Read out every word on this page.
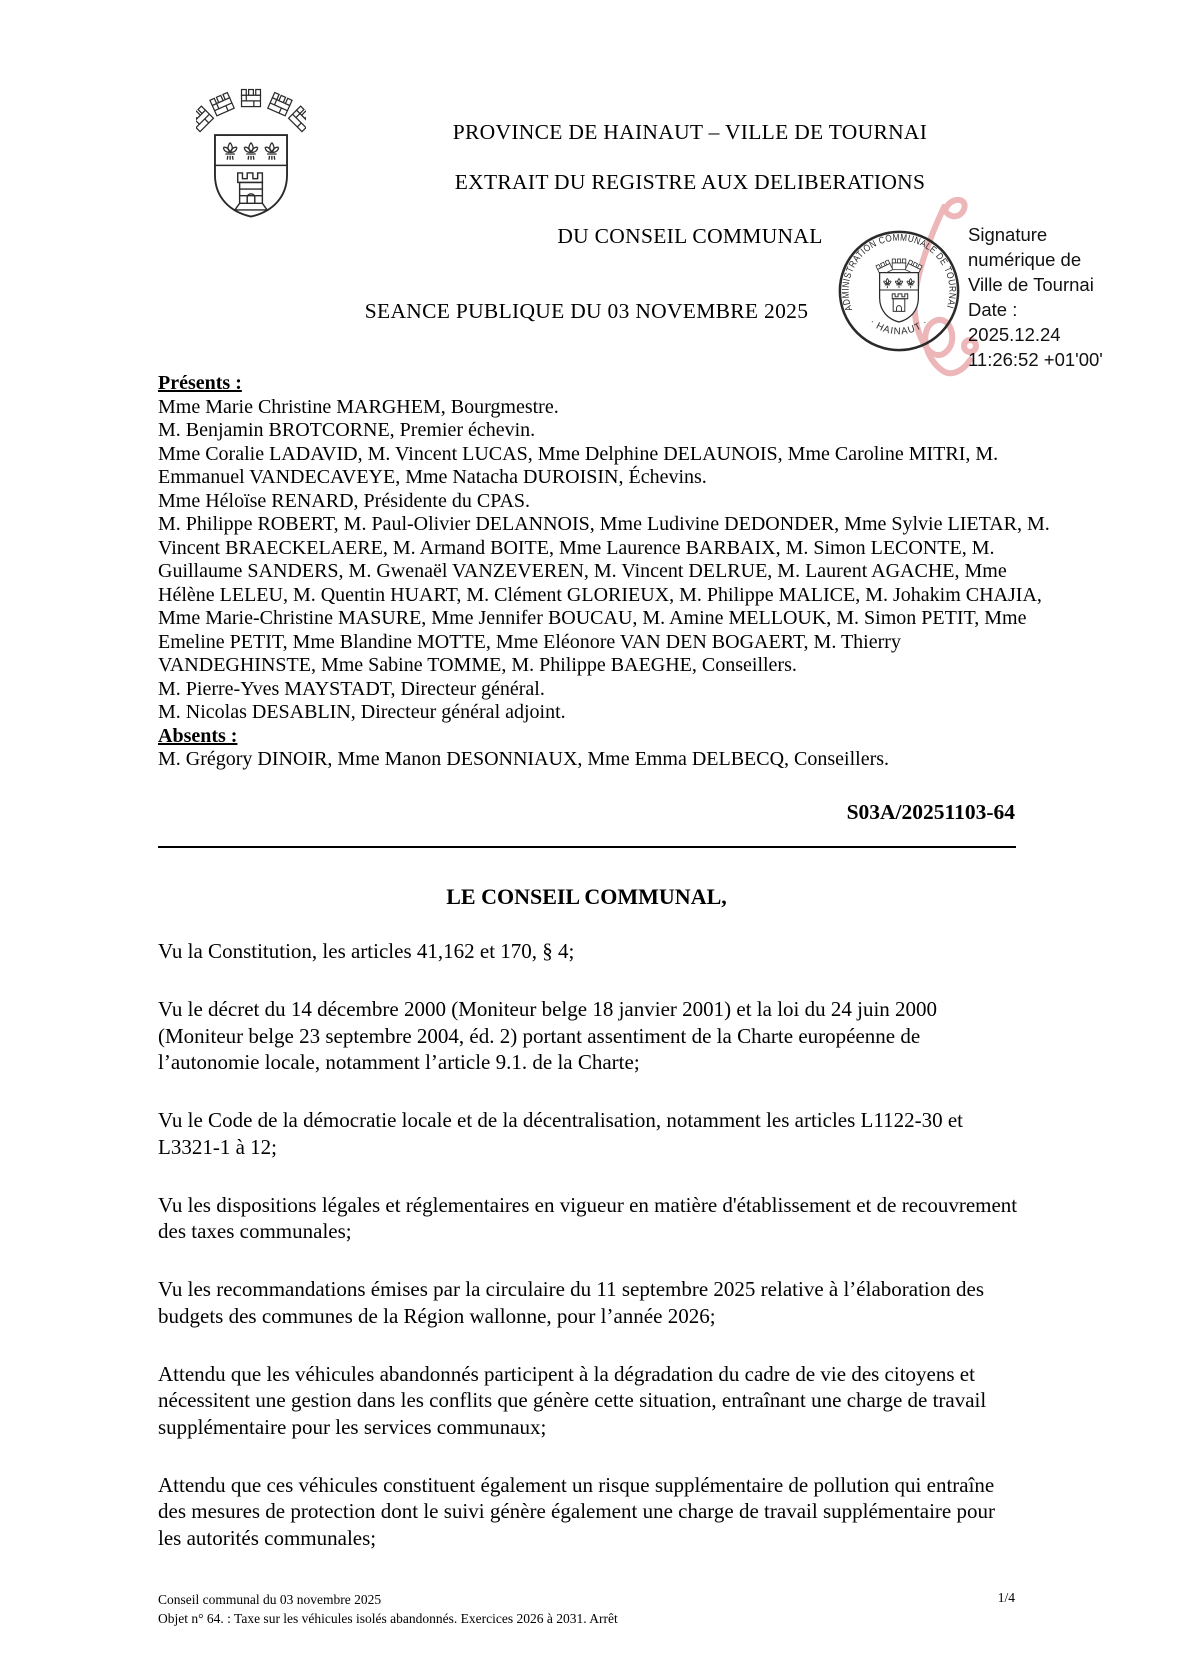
PROVINCE DE HAINAUT – VILLE DE TOURNAI
EXTRAIT DU REGISTRE AUX DELIBERATIONS
DU CONSEIL COMMUNAL
SEANCE PUBLIQUE DU 03 NOVEMBRE 2025	ADMINISTRATION COMMUNALE DE TOURNAI
· HAINAUT ·
Signature
numérique de
Ville de Tournai
Date :
2025.12.24
11:26:52 +01'00'
Présents :
Mme Marie Christine MARGHEM, Bourgmestre.
M. Benjamin BROTCORNE, Premier échevin.
Mme Coralie LADAVID, M. Vincent LUCAS, Mme Delphine DELAUNOIS, Mme Caroline MITRI, M.
Emmanuel VANDECAVEYE, Mme Natacha DUROISIN, Échevins.
Mme Héloïse RENARD, Présidente du CPAS.
M. Philippe ROBERT, M. Paul-Olivier DELANNOIS, Mme Ludivine DEDONDER, Mme Sylvie LIETAR, M.
Vincent BRAECKELAERE, M. Armand BOITE, Mme Laurence BARBAIX, M. Simon LECONTE, M.
Guillaume SANDERS, M. Gwenaël VANZEVEREN, M. Vincent DELRUE, M. Laurent AGACHE, Mme
Hélène LELEU, M. Quentin HUART, M. Clément GLORIEUX, M. Philippe MALICE, M. Johakim CHAJIA,
Mme Marie-Christine MASURE, Mme Jennifer BOUCAU, M. Amine MELLOUK, M. Simon PETIT, Mme
Emeline PETIT, Mme Blandine MOTTE, Mme Eléonore VAN DEN BOGAERT, M. Thierry
VANDEGHINSTE, Mme Sabine TOMME, M. Philippe BAEGHE, Conseillers.
M. Pierre-Yves MAYSTADT, Directeur général.
M. Nicolas DESABLIN, Directeur général adjoint.
Absents :
M. Grégory DINOIR, Mme Manon DESONNIAUX, Mme Emma DELBECQ, Conseillers.
S03A/20251103-64
LE CONSEIL COMMUNAL,

Vu la Constitution, les articles 41,162 et 170, § 4;

Vu le décret du 14 décembre 2000 (Moniteur belge 18 janvier 2001) et la loi du 24 juin 2000 (Moniteur belge 23 septembre 2004, éd. 2) portant assentiment de la Charte européenne de l’autonomie locale, notamment l’article 9.1. de la Charte;

Vu le Code de la démocratie locale et de la décentralisation, notamment les articles L1122-30 et L3321-1 à 12;

Vu les dispositions légales et réglementaires en vigueur en matière d'établissement et de recouvrement des taxes communales;

Vu les recommandations émises par la circulaire du 11 septembre 2025 relative à l’élaboration des budgets des communes de la Région wallonne, pour l’année 2026;

Attendu que les véhicules abandonnés participent à la dégradation du cadre de vie des citoyens et nécessitent une gestion dans les conflits que génère cette situation, entraînant une charge de travail supplémentaire pour les services communaux;

Attendu que ces véhicules constituent également un risque supplémentaire de pollution qui entraîne des mesures de protection dont le suivi génère également une charge de travail supplémentaire pour les autorités communales;

Conseil communal du 03 novembre 2025
Objet n° 64. : Taxe sur les véhicules isolés abandonnés. Exercices 2026 à 2031. Arrêt
1/4
